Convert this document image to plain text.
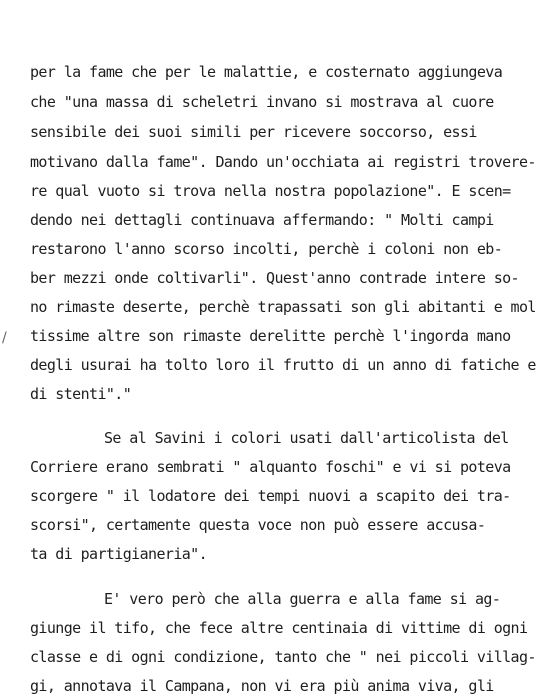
per la fame che per le malattie, e costernato aggiungeva
che "una massa di scheletri invano si mostrava al cuore
sensibile dei suoi simili per ricevere soccorso, essi
motivano dalla fame". Dando un'occhiata ai registri trovere-
re qual vuoto si trova nella nostra popolazione". E scen=
dendo nei dettagli continuava affermando: " Molti campi
restarono l'anno scorso incolti, perchè i coloni non eb-
ber mezzi onde coltivarli". Quest'anno contrade intere so-
no rimaste deserte, perchè trapassati son gli abitanti e mol
tissime altre son rimaste derelitte perchè l'ingorda mano
degli usurai ha tolto loro il frutto di un anno di fatiche e
di stenti"."
Se al Savini i colori usati dall'articolista del
Corriere erano sembrati " alquanto foschi" e vi si poteva
scorgere " il lodatore dei tempi nuovi a scapito dei tra-
scorsi", certamente questa voce non può essere accusa-
ta di partigianeria".
E' vero però che alla guerra e alla fame si ag-
giunge il tifo, che fece altre centinaia di vittime di ogni
classe e di ogni condizione, tanto che " nei piccoli villag-
gi, annotava il Campana, non vi era più anima viva, gli
/
